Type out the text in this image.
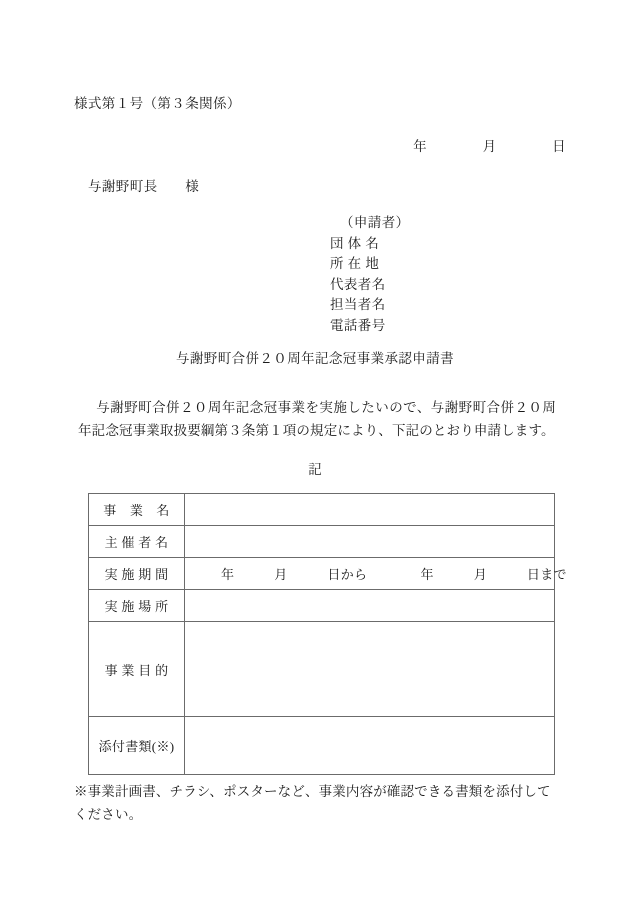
様式第１号（第３条関係）
年　　　　月　　　　日
与謝野町長　　様
（申請者）
団 体 名
所 在 地
代表者名
担当者名
電話番号
与謝野町合併２０周年記念冠事業承認申請書
与謝野町合併２０周年記念冠事業を実施したいので、与謝野町合併２０周年記念冠事業取扱要綱第３条第１項の規定により、下記のとおり申請します。
記
事　業　名	
主 催 者 名	
実 施 期 間	年　　　月　　　日から　　　　年　　　月　　　日まで
実 施 場 所	
事 業 目 的	
添付書類(※)	
※事業計画書、チラシ、ポスターなど、事業内容が確認できる書類を添付してください。
